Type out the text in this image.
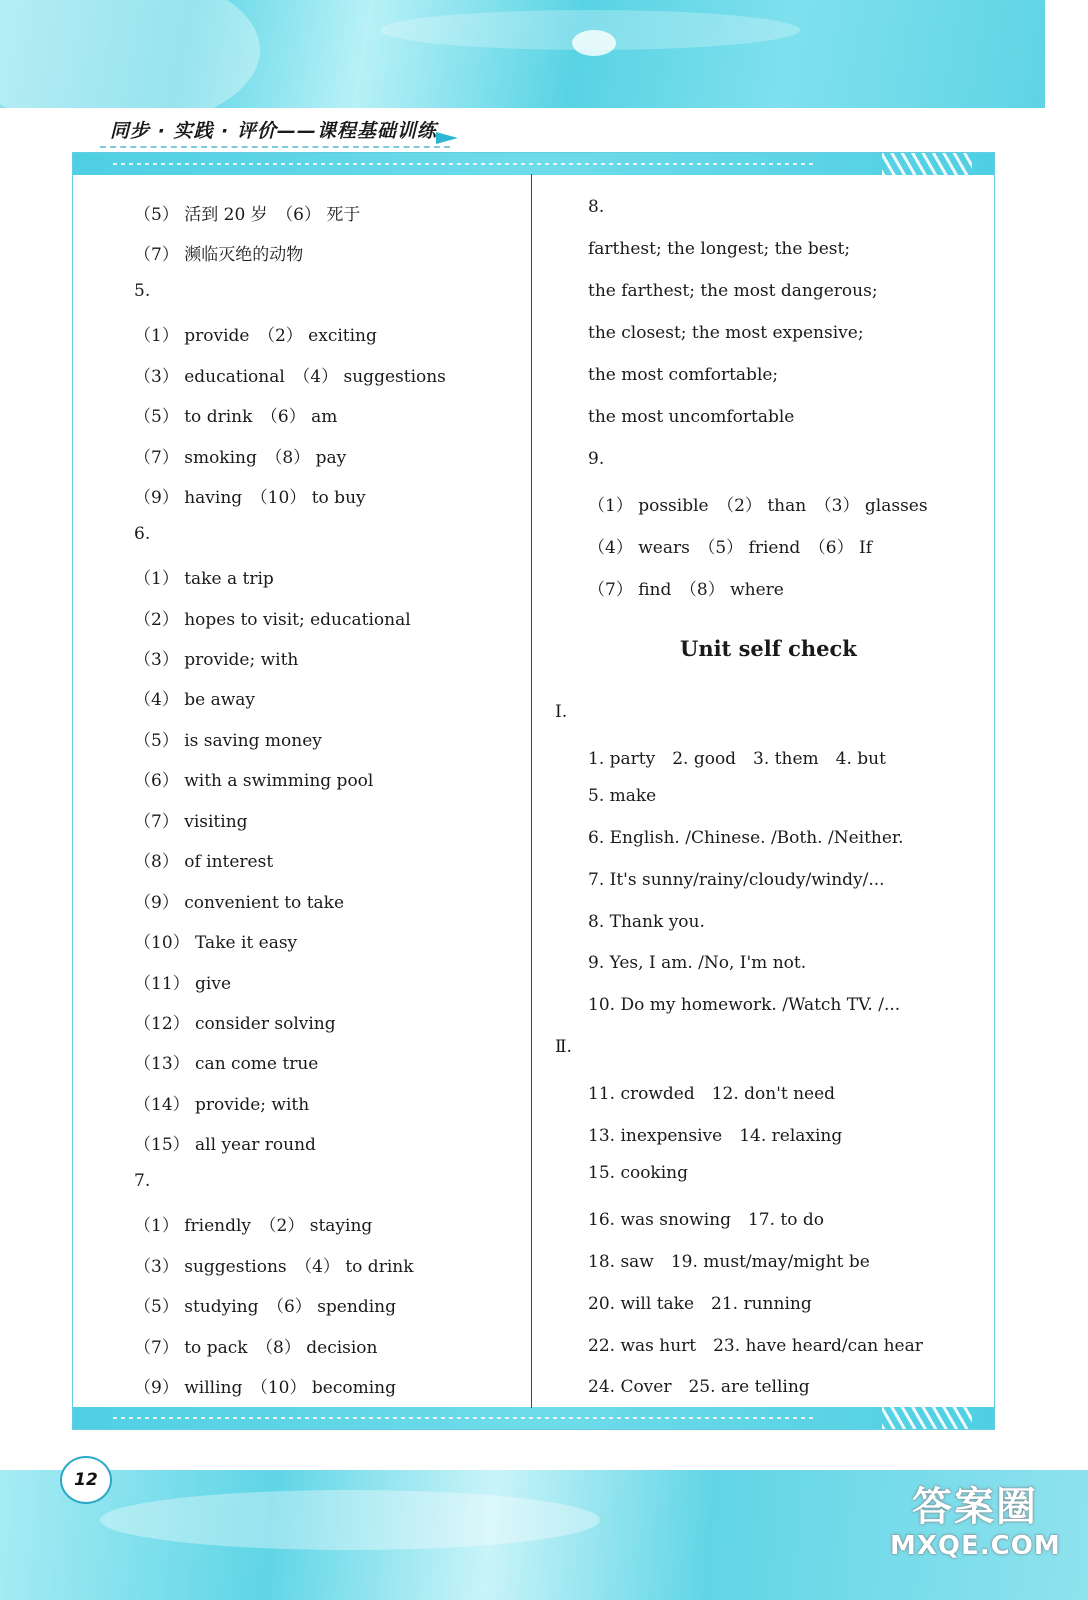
同步 · 实践 · 评价——课程基础训练
（5） 活到 20 岁　（6） 死于
（7） 濒临灭绝的动物
5.
（1） provide　（2） exciting
（3） educational　（4） suggestions
（5） to drink　（6） am
（7） smoking　（8） pay
（9） having　（10） to buy
6.
（1） take a trip
（2） hopes to visit; educational
（3） provide; with
（4） be away
（5） is saving money
（6） with a swimming pool
（7） visiting
（8） of interest
（9） convenient to take
（10） Take it easy
（11） give
（12） consider solving
（13） can come true
（14） provide; with
（15） all year round
7.
（1） friendly　（2） staying
（3） suggestions　（4） to drink
（5） studying　（6） spending
（7） to pack　（8） decision
（9） willing　（10） becoming
8.
farthest; the longest; the best;
the farthest; the most dangerous;
the closest; the most expensive;
the most comfortable;
the most uncomfortable
9.
（1） possible　（2） than　（3） glasses
（4） wears　（5） friend　（6） If
（7） find　（8） where
Unit self check
Ⅰ.
1. party　2. good　3. them　4. but
5. make
6. English. /Chinese. /Both. /Neither.
7. It's sunny/rainy/cloudy/windy/...
8. Thank you.
9. Yes, I am. /No, I'm not.
10. Do my homework. /Watch TV. /...
Ⅱ.
11. crowded　12. don't need
13. inexpensive　14. relaxing
15. cooking
16. was snowing　17. to do
18. saw　19. must/may/might be
20. will take　21. running
22. was hurt　23. have heard/can hear
24. Cover　25. are telling
12
答案圈
MXQE.COM
